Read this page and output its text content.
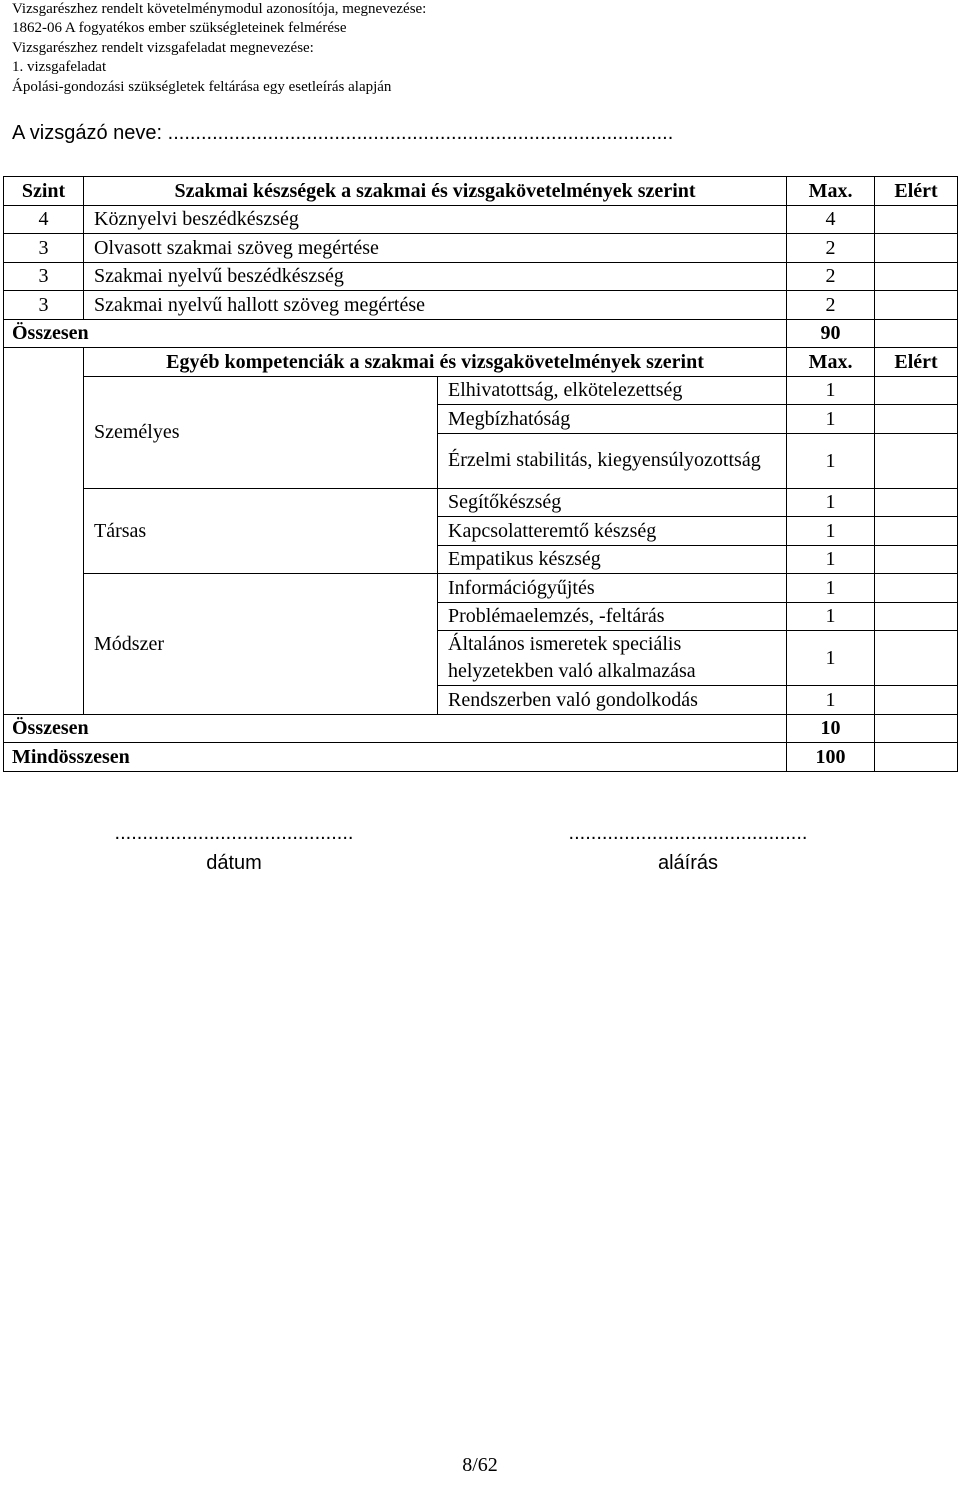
Vizsgarészhez rendelt követelménymodul azonosítója, megnevezése:
1862-06 A fogyatékos ember szükségleteinek felmérése
Vizsgarészhez rendelt vizsgafeladat megnevezése:
1. vizsgafeladat
Ápolási-gondozási szükségletek feltárása egy esetleírás alapján
A vizsgázó neve: ...........................................................................................
Szint	Szakmai készségek a szakmai és vizsgakövetelmények szerint		Max.	Elért
4	Köznyelvi beszédkészség		4	
3	Olvasott szakmai szöveg megértése		2	
3	Szakmai nyelvű beszédkészség		2	
3	Szakmai nyelvű hallott szöveg megértése		2	
Összesen			90	
	Egyéb kompetenciák a szakmai és vizsgakövetelmények szerint		Max.	Elért
	Személyes	Elhivatottság, elkötelezettség	1	
		Megbízhatóság	1	
		Érzelmi stabilitás, kiegyensúlyozottság	1	

	Társas	Segítőkészség	1	
		Kapcsolatteremtő készség	1	
		Empatikus készség	1	
	Módszer	Információgyűjtés	1	
		Problémaelemzés, -feltárás	1	
		Általános ismeretek speciális helyzetekben való alkalmazása	1	

		Rendszerben való gondolkodás	1	
Összesen			10	
Mindösszesen			100	
...........................................
dátum
...........................................
aláírás
8/62
